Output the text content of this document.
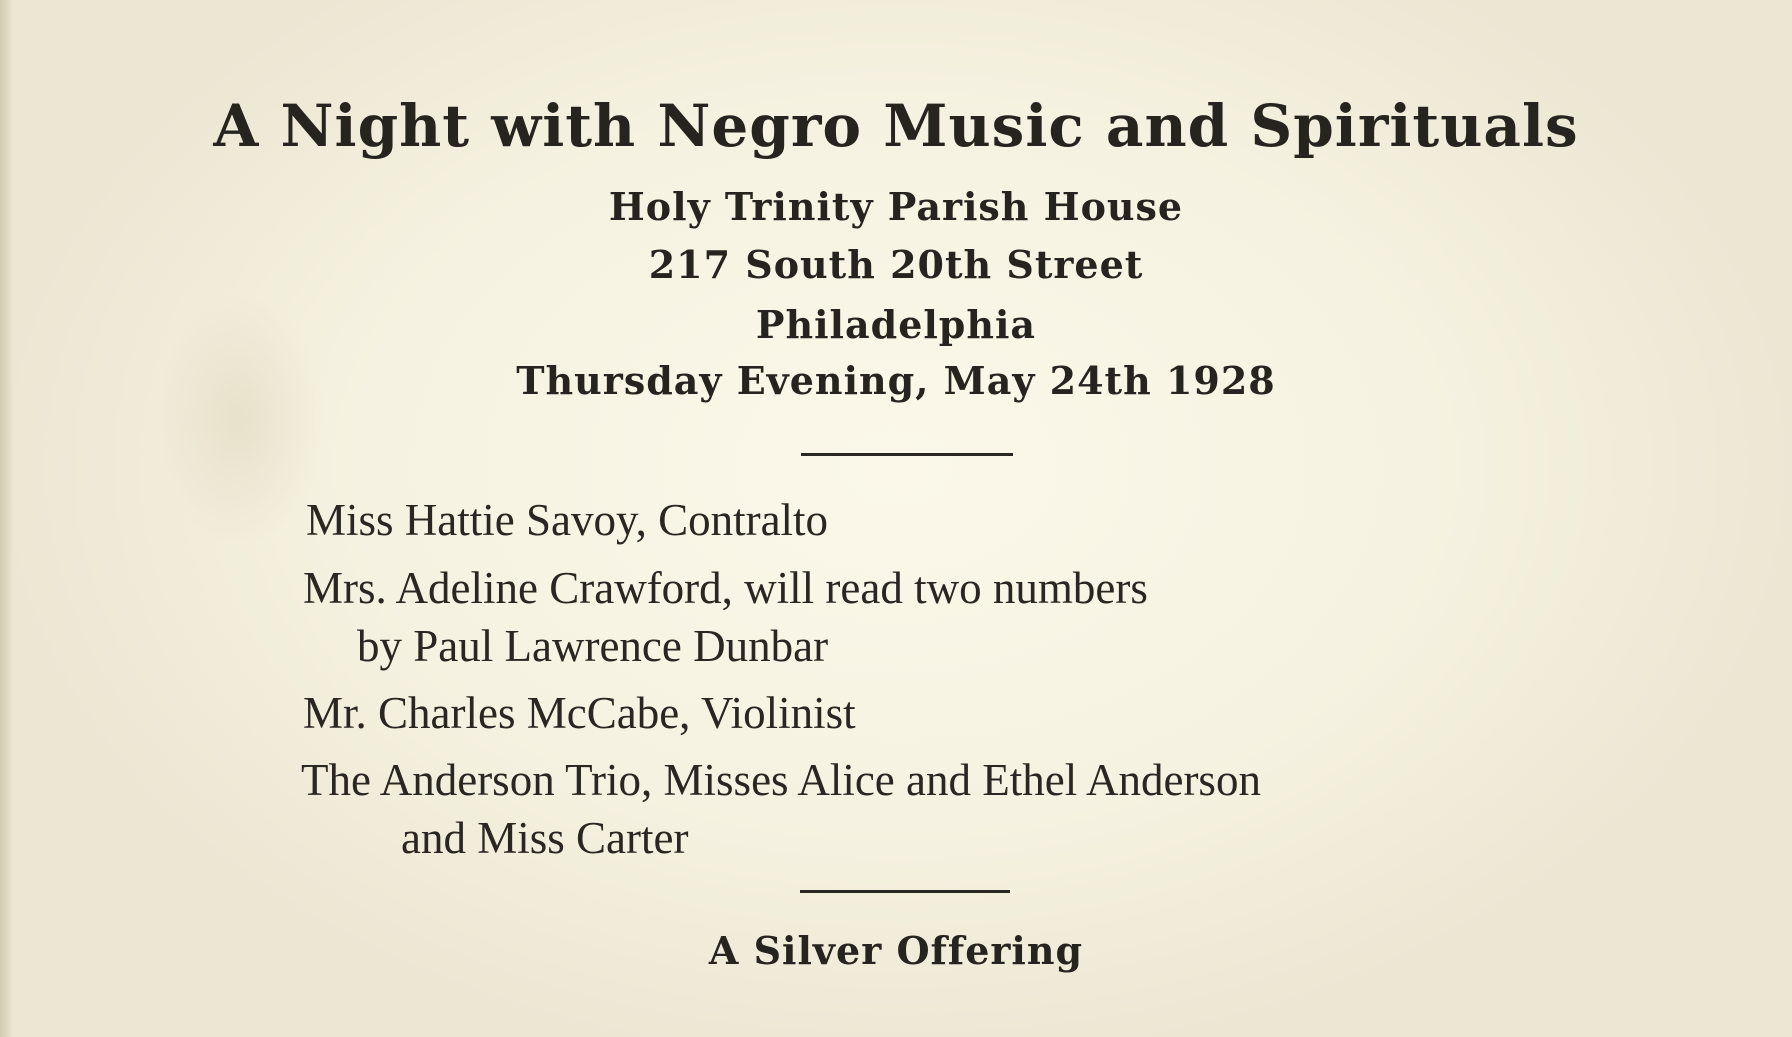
A Night with Negro Music and Spirituals
Holy Trinity Parish House
217 South 20th Street
Philadelphia
Thursday Evening, May 24th 1928
Miss Hattie Savoy, Contralto
Mrs. Adeline Crawford, will read two numbers
by Paul Lawrence Dunbar
Mr. Charles McCabe, Violinist
The Anderson Trio, Misses Alice and Ethel Anderson
and Miss Carter
A Silver Offering
